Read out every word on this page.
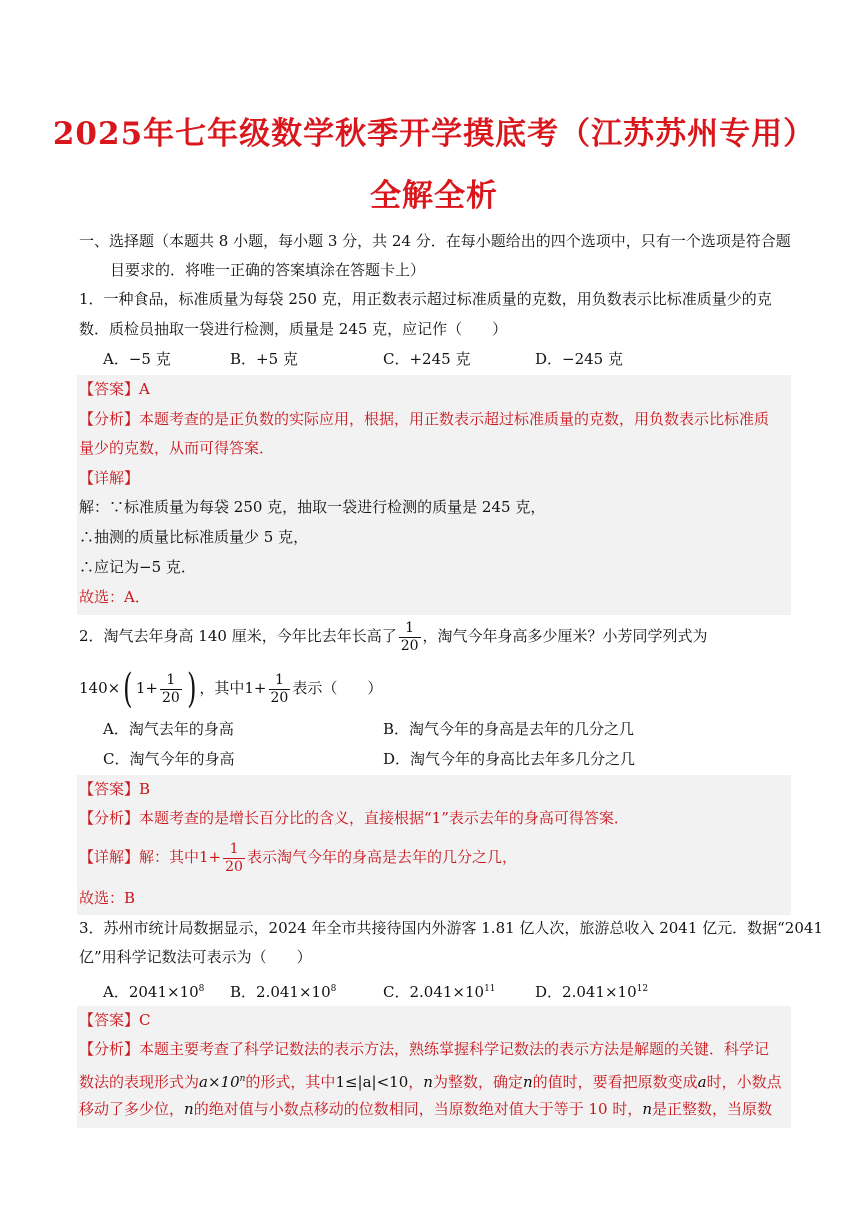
2025年七年级数学秋季开学摸底考（江苏苏州专用）
全解全析
一、选择题（本题共 8 小题，每小题 3 分，共 24 分．在每小题给出的四个选项中，只有一个选项是符合题
目要求的．将唯一正确的答案填涂在答题卡上）
1．一种食品，标准质量为每袋 250 克，用正数表示超过标准质量的克数，用负数表示比标准质量少的克
数．质检员抽取一袋进行检测，质量是 245 克，应记作（　　）
A．−5 克	B．+5 克	C．+245 克	D．−245 克
【答案】A
【分析】本题考查的是正负数的实际应用，根据，用正数表示超过标准质量的克数，用负数表示比标准质
量少的克数，从而可得答案．
【详解】
解：∵标准质量为每袋 250 克，抽取一袋进行检测的质量是 245 克，
∴抽测的质量比标准质量少 5 克，
∴应记为−5 克．
故选：A．
2．淘气去年身高 140 厘米，今年比去年长高了 $\frac{1}{20}$ ，淘气今年身高多少厘米？小芳同学列式为
140×( $1+ \frac{1}{20}$ ) ，其中$1+ \frac{1}{20}$ 表示（　　）
A．淘气去年的身高	B．淘气今年的身高是去年的几分之几
C．淘气今年的身高	D．淘气今年的身高比去年多几分之几
【答案】B
【分析】本题考查的是增长百分比的含义，直接根据“1”表示去年的身高可得答案．
【详解】解：其中$1+ \frac{1}{20}$ 表示淘气今年的身高是去年的几分之几，
故选：B
3．苏州市统计局数据显示，2024 年全市共接待国内外游客 1.81 亿人次，旅游总收入 2041 亿元．数据“2041
亿”用科学记数法可表示为（　　）
A．$2041\times 10^8$ B．$2.041\times 10^8$	C．$2.041\times 10^{11}$	D．$2.041\times 10^{12}$
【答案】C
【分析】本题主要考查了科学记数法的表示方法，熟练掌握科学记数法的表示方法是解题的关键．科学记
数法的表现形式为$a\times 10^n$的形式，其中1≤|a|<10，n为整数，确定n的值时，要看把原数变成a时，小数点
移动了多少位，n的绝对值与小数点移动的位数相同，当原数绝对值大于等于 10 时，n是正整数，当原数
